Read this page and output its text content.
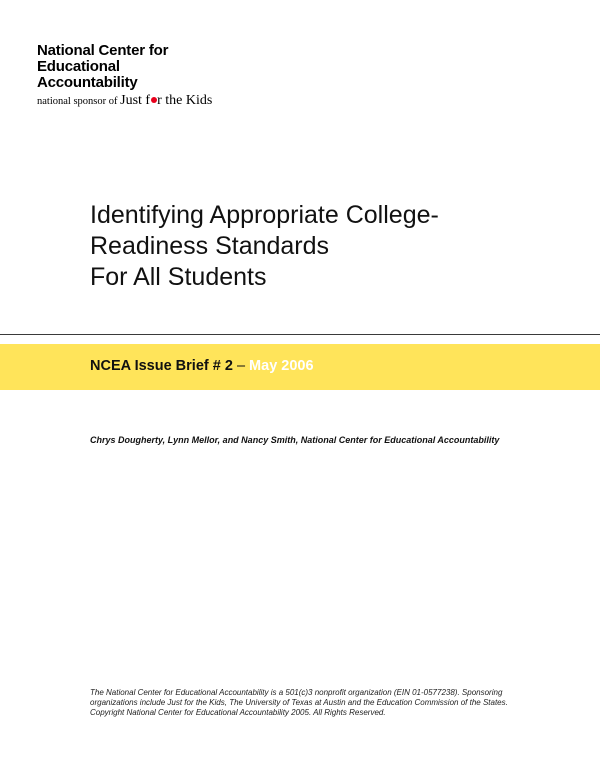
National Center for
Educational
Accountability
national sponsor of Just f r the Kids
Identifying Appropriate College-
Readiness Standards
For All Students
NCEA Issue Brief # 2 – May 2006
Chrys Dougherty, Lynn Mellor, and Nancy Smith, National Center for Educational Accountability
The National Center for Educational Accountability is a 501(c)3 nonprofit organization (EIN 01-0577238). Sponsoring organizations include Just for the Kids, The University of Texas at Austin and the Education Commission of the States. Copyright National Center for Educational Accountability 2005. All Rights Reserved.
